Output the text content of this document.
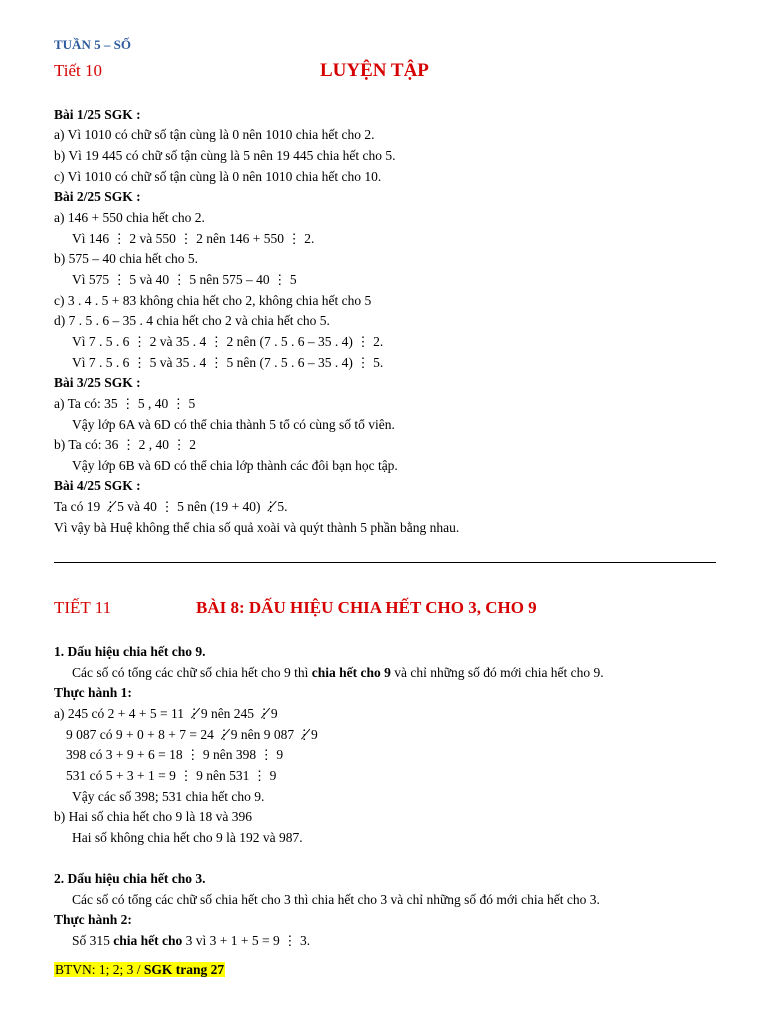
TUẦN 5 – SỐ
Tiết 10	LUYỆN TẬP
Bài 1/25 SGK :
a) Vì 1010 có chữ số tận cùng là 0 nên 1010 chia hết cho 2.
b) Vì 19 445 có chữ số tận cùng là 5 nên 19 445 chia hết cho 5.
c) Vì 1010 có chữ số tận cùng là 0 nên 1010 chia hết cho 10.
Bài 2/25 SGK :
a) 146 + 550 chia hết cho 2.
Vì 146 ⋮ 2 và 550 ⋮ 2 nên 146 + 550 ⋮ 2.
b) 575 – 40 chia hết cho 5.
Vì 575 ⋮ 5 và 40 ⋮ 5 nên 575 – 40 ⋮ 5
c) 3 . 4 . 5 + 83 không chia hết cho 2, không chia hết cho 5
d) 7 . 5 . 6 – 35 . 4 chia hết cho 2 và chia hết cho 5.
Vì 7 . 5 . 6 ⋮ 2 và 35 . 4 ⋮ 2 nên (7 . 5 . 6 – 35 . 4) ⋮ 2.
Vì 7 . 5 . 6 ⋮ 5 và 35 . 4 ⋮ 5 nên (7 . 5 . 6 – 35 . 4) ⋮ 5.
Bài 3/25 SGK :
a) Ta có: 35 ⋮ 5 , 40 ⋮ 5
Vậy lớp 6A và 6D có thể chia thành 5 tổ có cùng số tổ viên.
b) Ta có: 36 ⋮ 2 , 40 ⋮ 2
Vậy lớp 6B và 6D có thể chia lớp thành các đôi bạn học tập.
Bài 4/25 SGK :
Ta có 19 ⋮̸5 và 40 ⋮ 5 nên (19 + 40) ⋮̸5.
Vì vậy bà Huệ không thể chia số quả xoài và quýt thành 5 phần bằng nhau.
TIẾT 11	BÀI 8: DẤU HIỆU CHIA HẾT CHO 3, CHO 9
1. Dấu hiệu chia hết cho 9.
Các số có tổng các chữ số chia hết cho 9 thì chia hết cho 9 và chỉ những số đó mới chia hết cho 9.
Thực hành 1:
a) 245 có 2 + 4 + 5 = 11 ⋮̸9 nên 245 ⋮̸9
9 087 có 9 + 0 + 8 + 7 = 24 ⋮̸9 nên 9 087 ⋮̸9
398 có 3 + 9 + 6 = 18 ⋮ 9 nên 398 ⋮ 9
531 có 5 + 3 + 1 = 9 ⋮ 9 nên 531 ⋮ 9
Vậy các số 398; 531 chia hết cho 9.
b) Hai số chia hết cho 9 là 18 và 396
Hai số không chia hết cho 9 là 192 và 987.
2. Dấu hiệu chia hết cho 3.
Các số có tổng các chữ số chia hết cho 3 thì chia hết cho 3 và chỉ những số đó mới chia hết cho 3.
Thực hành 2:
Số 315 chia hết cho 3 vì 3 + 1 + 5 = 9 ⋮ 3.
BTVN: 1; 2; 3 / SGK trang 27
